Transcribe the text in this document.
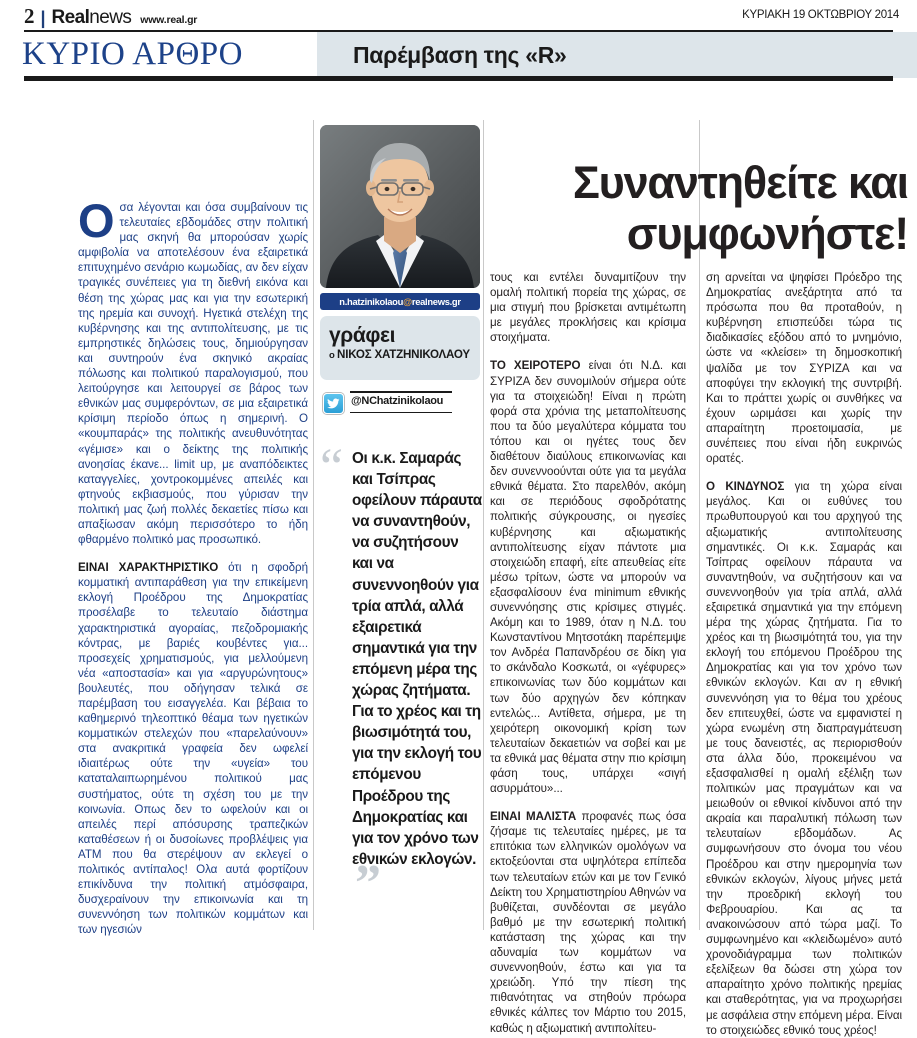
2 | Realnews www.real.gr	ΚΥΡΙΑΚΗ 19 ΟΚΤΩΒΡΙΟΥ 2014
ΚΥΡΙΟ ΑΡΘΡΟ	Παρέμβαση της «R»
Συναντηθείτε και συμφωνήστε!

Οσα λέγονται και όσα συμβαίνουν τις τελευταίες εβδομάδες στην πολιτική μας σκηνή θα μπορούσαν χωρίς αμφιβολία να αποτελέσουν ένα εξαιρετικά επιτυχημένο σενάριο κωμωδίας, αν δεν είχαν τραγικές συνέπειες για τη διεθνή εικόνα και θέση της χώρας μας και για την εσωτερική της ηρεμία και συνοχή. Ηγετικά στελέχη της κυβέρνησης και της αντιπολίτευσης, με τις εμπρηστικές δηλώσεις τους, δημιούργησαν και συντηρούν ένα σκηνικό ακραίας πόλωσης και πολιτικού παραλογισμού, που λειτούργησε και λειτουργεί σε βάρος των εθνικών μας συμφερόντων, σε μια εξαιρετικά κρίσιμη περίοδο όπως η σημερινή. Ο «κουμπαράς» της πολιτικής ανευθυνότητας «γέμισε» και ο δείκτης της πολιτικής ανοησίας έκανε... limit up, με αναπόδεικτες καταγγελίες, χοντροκομμένες απειλές και φτηνούς εκβιασμούς, που γύρισαν την πολιτική μας ζωή πολλές δεκαετίες πίσω και απαξίωσαν ακόμη περισσότερο το ήδη φθαρμένο πολιτικό μας προσωπικό.

ΕΙΝΑΙ ΧΑΡΑΚΤΗΡΙΣΤΙΚΟ ότι η σφοδρή κομματική αντιπαράθεση για την επικείμενη εκλογή Προέδρου της Δημοκρατίας προσέλαβε το τελευταίο διάστημα χαρακτηριστικά αγοραίας, πεζοδρομιακής κόντρας, με βαριές κουβέντες για... προσεχείς χρηματισμούς, για μελλούμενη νέα «αποστασία» και για «αργυρώνητους» βουλευτές, που οδήγησαν τελικά σε παρέμβαση του εισαγγελέα. Και βέβαια το καθημερινό τηλεοπτικό θέαμα των ηγετικών κομματικών στελεχών που «παρελαύνουν» στα ανακριτικά γραφεία δεν ωφελεί ιδιαιτέρως ούτε την «υγεία» του καταταλαιπωρημένου πολιτικού μας συστήματος, ούτε τη σχέση του με την κοινωνία. Οπως δεν το ωφελούν και οι απειλές περί απόσυρσης τραπεζικών καταθέσεων ή οι δυσοίωνες προβλέψεις για ΑΤΜ που θα στερέψουν αν εκλεγεί ο πολιτικός αντίπαλος! Ολα αυτά φορτίζουν επικίνδυνα την πολιτική ατμόσφαιρα, δυσχεραίνουν την επικοινωνία και τη συνεννόηση των πολιτικών κομμάτων και των ηγεσιών

n.hatzinikolaou @ realnews.gr
γράφει
ο ΝΙΚΟΣ ΧΑΤΖΗΝΙΚΟΛΑΟΥ
@NChatzinikolaou
“ Οι κ.κ. Σαμαράς και Τσίπρας οφείλουν πάραυτα να συναντηθούν, να συζητήσουν και να συνεννοηθούν για τρία απλά, αλλά εξαιρετικά σημαντικά για την επόμενη μέρα της χώρας ζητήματα. Για το χρέος και τη βιωσιμότητά του, για την εκλογή του επόμενου Προέδρου της Δημοκρατίας και για τον χρόνο των εθνικών εκλογών.”

τους και εντέλει δυναμιτίζουν την ομαλή πολιτική πορεία της χώρας, σε μια στιγμή που βρίσκεται αντιμέτωπη με μεγάλες προκλήσεις και κρίσιμα στοιχήματα.

ΤΟ ΧΕΙΡΟΤΕΡΟ είναι ότι Ν.Δ. και ΣΥΡΙΖΑ δεν συνομιλούν σήμερα ούτε για τα στοιχειώδη! Είναι η πρώτη φορά στα χρόνια της μεταπολίτευσης που τα δύο μεγαλύτερα κόμματα του τόπου και οι ηγέτες τους δεν διαθέτουν διαύλους επικοινωνίας και δεν συνεννοούνται ούτε για τα μεγάλα εθνικά θέματα. Στο παρελθόν, ακόμη και σε περιόδους σφοδρότατης πολιτικής σύγκρουσης, οι ηγεσίες κυβέρνησης και αξιωματικής αντιπολίτευσης είχαν πάντοτε μια στοιχειώδη επαφή, είτε απευθείας είτε μέσω τρίτων, ώστε να μπορούν να εξασφαλίσουν ένα minimum εθνικής συνεννόησης στις κρίσιμες στιγμές. Ακόμη και το 1989, όταν η Ν.Δ. του Κωνσταντίνου Μητσοτάκη παρέπεμψε τον Ανδρέα Παπανδρέου σε δίκη για το σκάνδαλο Κοσκωτά, οι «γέφυρες» επικοινωνίας των δύο κομμάτων και των δύο αρχηγών δεν κόπηκαν εντελώς... Αντίθετα, σήμερα, με τη χειρότερη οικονομική κρίση των τελευταίων δεκαετιών να σοβεί και με τα εθνικά μας θέματα στην πιο κρίσιμη φάση τους, υπάρχει «σιγή ασυρμάτου»...

ΕΙΝΑΙ ΜΑΛΙΣΤΑ προφανές πως όσα ζήσαμε τις τελευταίες ημέρες, με τα επιτόκια των ελληνικών ομολόγων να εκτοξεύονται στα υψηλότερα επίπεδα των τελευταίων ετών και με τον Γενικό Δείκτη του Χρηματιστηρίου Αθηνών να βυθίζεται, συνδέονται σε μεγάλο βαθμό με την εσωτερική πολιτική κατάσταση της χώρας και την αδυναμία των κομμάτων να συνεννοηθούν, έστω και για τα χρειώδη. Υπό την πίεση της πιθανότητας να στηθούν πρόωρα εθνικές κάλπες τον Μάρτιο του 2015, καθώς η αξιωματική αντιπολίτευ-

ση αρνείται να ψηφίσει Πρόεδρο της Δημοκρατίας ανεξάρτητα από τα πρόσωπα που θα προταθούν, η κυβέρνηση επισπεύδει τώρα τις διαδικασίες εξόδου από το μνημόνιο, ώστε να «κλείσει» τη δημοσκοπική ψαλίδα με τον ΣΥΡΙΖΑ και να αποφύγει την εκλογική της συντριβή. Και το πράττει χωρίς οι συνθήκες να έχουν ωριμάσει και χωρίς την απαραίτητη προετοιμασία, με συνέπειες που είναι ήδη ευκρινώς ορατές.

Ο ΚΙΝΔΥΝΟΣ για τη χώρα είναι μεγάλος. Και οι ευθύνες του πρωθυπουργού και του αρχηγού της αξιωματικής αντιπολίτευσης σημαντικές. Οι κ.κ. Σαμαράς και Τσίπρας οφείλουν πάραυτα να συναντηθούν, να συζητήσουν και να συνεννοηθούν για τρία απλά, αλλά εξαιρετικά σημαντικά για την επόμενη μέρα της χώρας ζητήματα. Για το χρέος και τη βιωσιμότητά του, για την εκλογή του επόμενου Προέδρου της Δημοκρατίας και για τον χρόνο των εθνικών εκλογών. Και αν η εθνική συνεννόηση για το θέμα του χρέους δεν επιτευχθεί, ώστε να εμφανιστεί η χώρα ενωμένη στη διαπραγμάτευση με τους δανειστές, ας περιορισθούν στα άλλα δύο, προκειμένου να εξασφαλισθεί η ομαλή εξέλιξη των πολιτικών μας πραγμάτων και να μειωθούν οι εθνικοί κίνδυνοι από την ακραία και παραλυτική πόλωση των τελευταίων εβδομάδων. Ας συμφωνήσουν στο όνομα του νέου Προέδρου και στην ημερομηνία των εθνικών εκλογών, λίγους μήνες μετά την προεδρική εκλογή του Φεβρουαρίου. Και ας τα ανακοινώσουν από τώρα μαζί. Το συμφωνημένο και «κλειδωμένο» αυτό χρονοδιάγραμμα των πολιτικών εξελίξεων θα δώσει στη χώρα τον απαραίτητο χρόνο πολιτικής ηρεμίας και σταθερότητας, για να προχωρήσει με ασφάλεια στην επόμενη μέρα. Είναι το στοιχειώδες εθνικό τους χρέος!
